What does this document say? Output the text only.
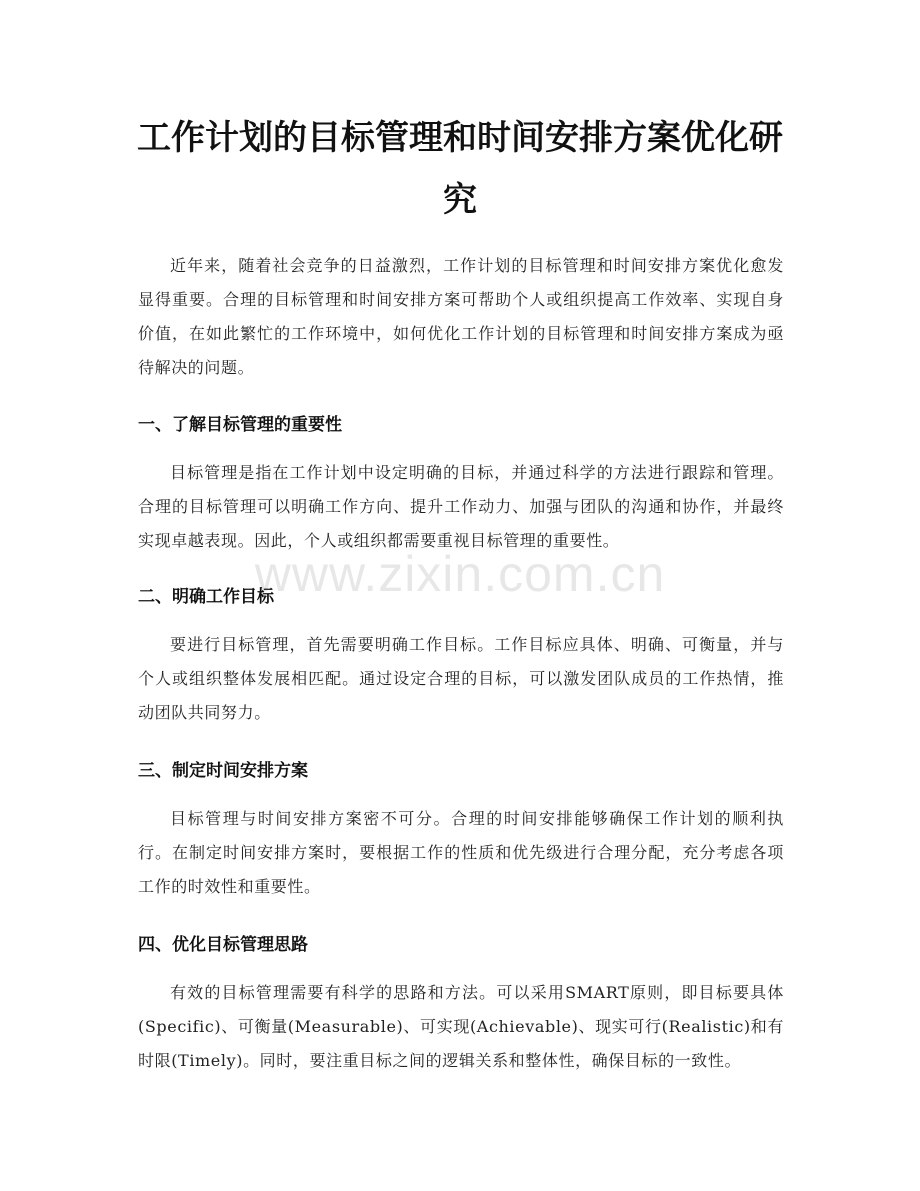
工作计划的目标管理和时间安排方案优化研
究

近年来，随着社会竞争的日益激烈，工作计划的目标管理和时间安排方案优化愈发显得重要。合理的目标管理和时间安排方案可帮助个人或组织提高工作效率、实现自身价值，在如此繁忙的工作环境中，如何优化工作计划的目标管理和时间安排方案成为亟待解决的问题。

一、了解目标管理的重要性

目标管理是指在工作计划中设定明确的目标，并通过科学的方法进行跟踪和管理。合理的目标管理可以明确工作方向、提升工作动力、加强与团队的沟通和协作，并最终实现卓越表现。因此，个人或组织都需要重视目标管理的重要性。

二、明确工作目标

要进行目标管理，首先需要明确工作目标。工作目标应具体、明确、可衡量，并与个人或组织整体发展相匹配。通过设定合理的目标，可以激发团队成员的工作热情，推动团队共同努力。

三、制定时间安排方案

目标管理与时间安排方案密不可分。合理的时间安排能够确保工作计划的顺利执行。在制定时间安排方案时，要根据工作的性质和优先级进行合理分配，充分考虑各项工作的时效性和重要性。

四、优化目标管理思路

有效的目标管理需要有科学的思路和方法。可以采用SMART原则，即目标要具体(Specific)、可衡量(Measurable)、可实现(Achievable)、现实可行(Realistic)和有时限(Timely)。同时，要注重目标之间的逻辑关系和整体性，确保目标的一致性。

www.zixin.com.cn
